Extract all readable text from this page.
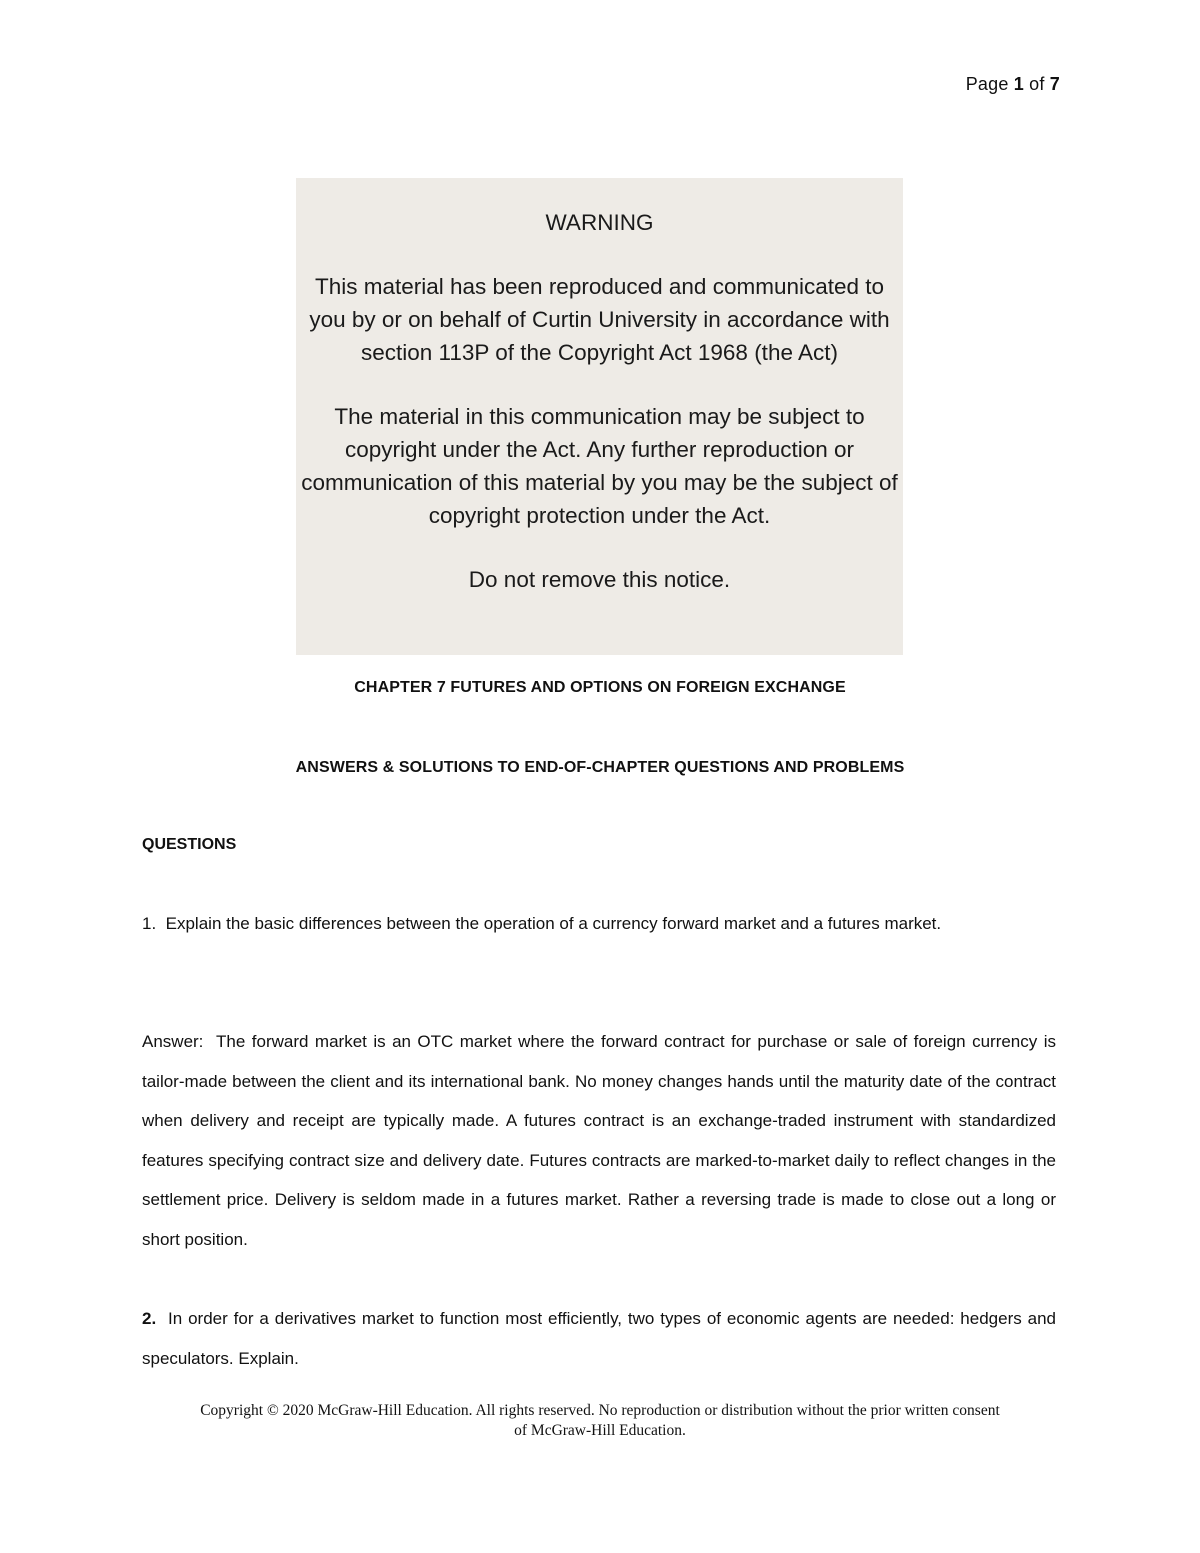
Page 1 of 7

WARNING

This material has been reproduced and communicated to you by or on behalf of Curtin University in accordance with section 113P of the Copyright Act 1968 (the Act)

The material in this communication may be subject to copyright under the Act. Any further reproduction or communication of this material by you may be the subject of copyright protection under the Act.

Do not remove this notice.

CHAPTER 7 FUTURES AND OPTIONS ON FOREIGN EXCHANGE
ANSWERS & SOLUTIONS TO END-OF-CHAPTER QUESTIONS AND PROBLEMS
QUESTIONS

1. Explain the basic differences between the operation of a currency forward market and a futures market.

Answer: The forward market is an OTC market where the forward contract for purchase or sale of foreign currency is tailor-made between the client and its international bank. No money changes hands until the maturity date of the contract when delivery and receipt are typically made. A futures contract is an exchange-traded instrument with standardized features specifying contract size and delivery date. Futures contracts are marked-to-market daily to reflect changes in the settlement price. Delivery is seldom made in a futures market. Rather a reversing trade is made to close out a long or short position.

2. In order for a derivatives market to function most efficiently, two types of economic agents are needed: hedgers and speculators. Explain.

Copyright © 2020 McGraw-Hill Education. All rights reserved. No reproduction or distribution without the prior written consent
of McGraw-Hill Education.
